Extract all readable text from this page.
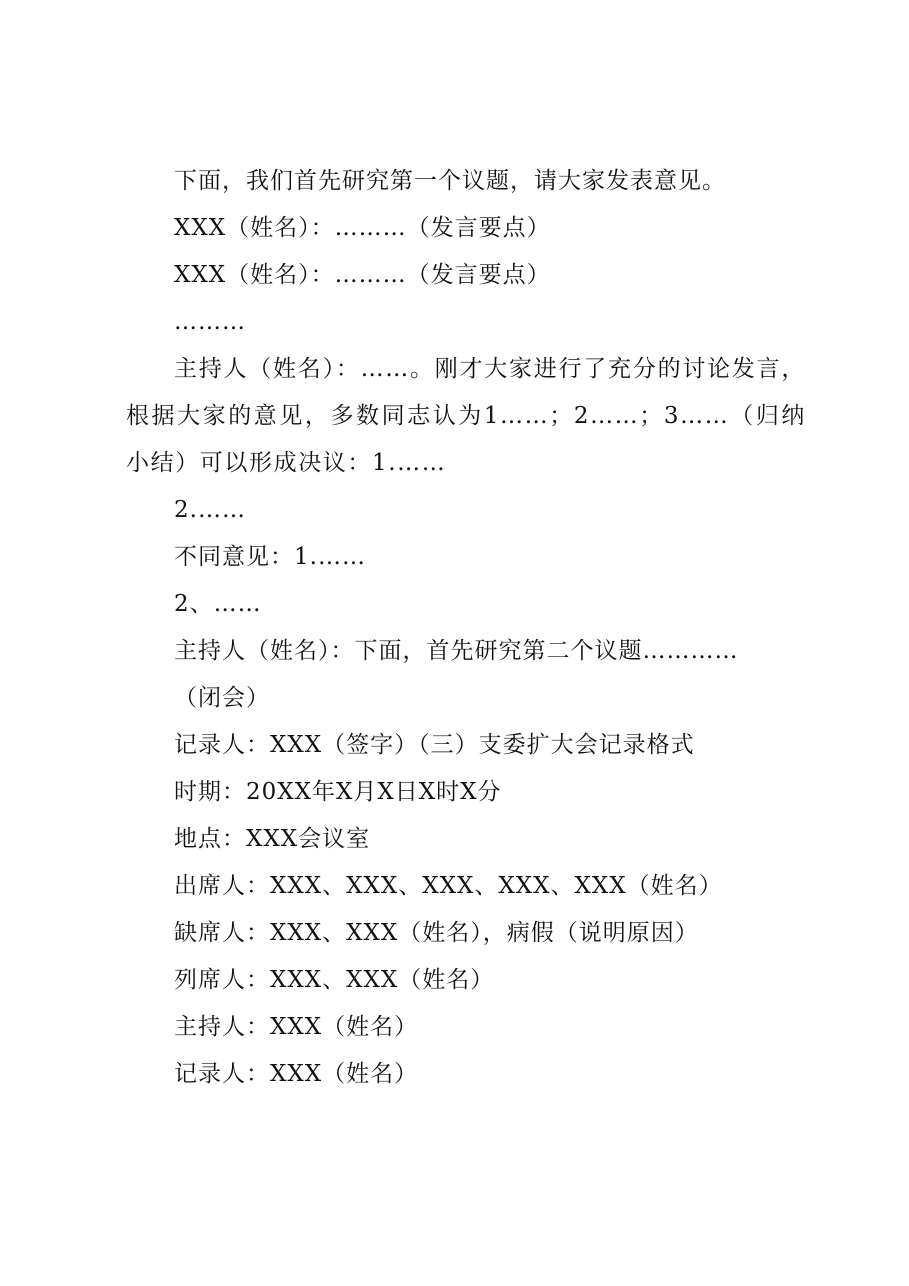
下面，我们首先研究第一个议题，请大家发表意见。
XXX（姓名）：………（发言要点）
XXX（姓名）：………（发言要点）
………
主持人（姓名）：……。刚才大家进行了充分的讨论发言，根据大家的意见，多数同志认为1……；2……；3……（归纳小结）可以形成决议：1.……
2.……
不同意见：1.……
2、……
主持人（姓名）：下面，首先研究第二个议题…………
（闭会）
记录人：XXX（签字）（三）支委扩大会记录格式
时期：20XX年X月X日X时X分
地点：XXX会议室
出席人：XXX、XXX、XXX、XXX、XXX（姓名）
缺席人：XXX、XXX（姓名），病假（说明原因）
列席人：XXX、XXX（姓名）
主持人：XXX（姓名）
记录人：XXX（姓名）
